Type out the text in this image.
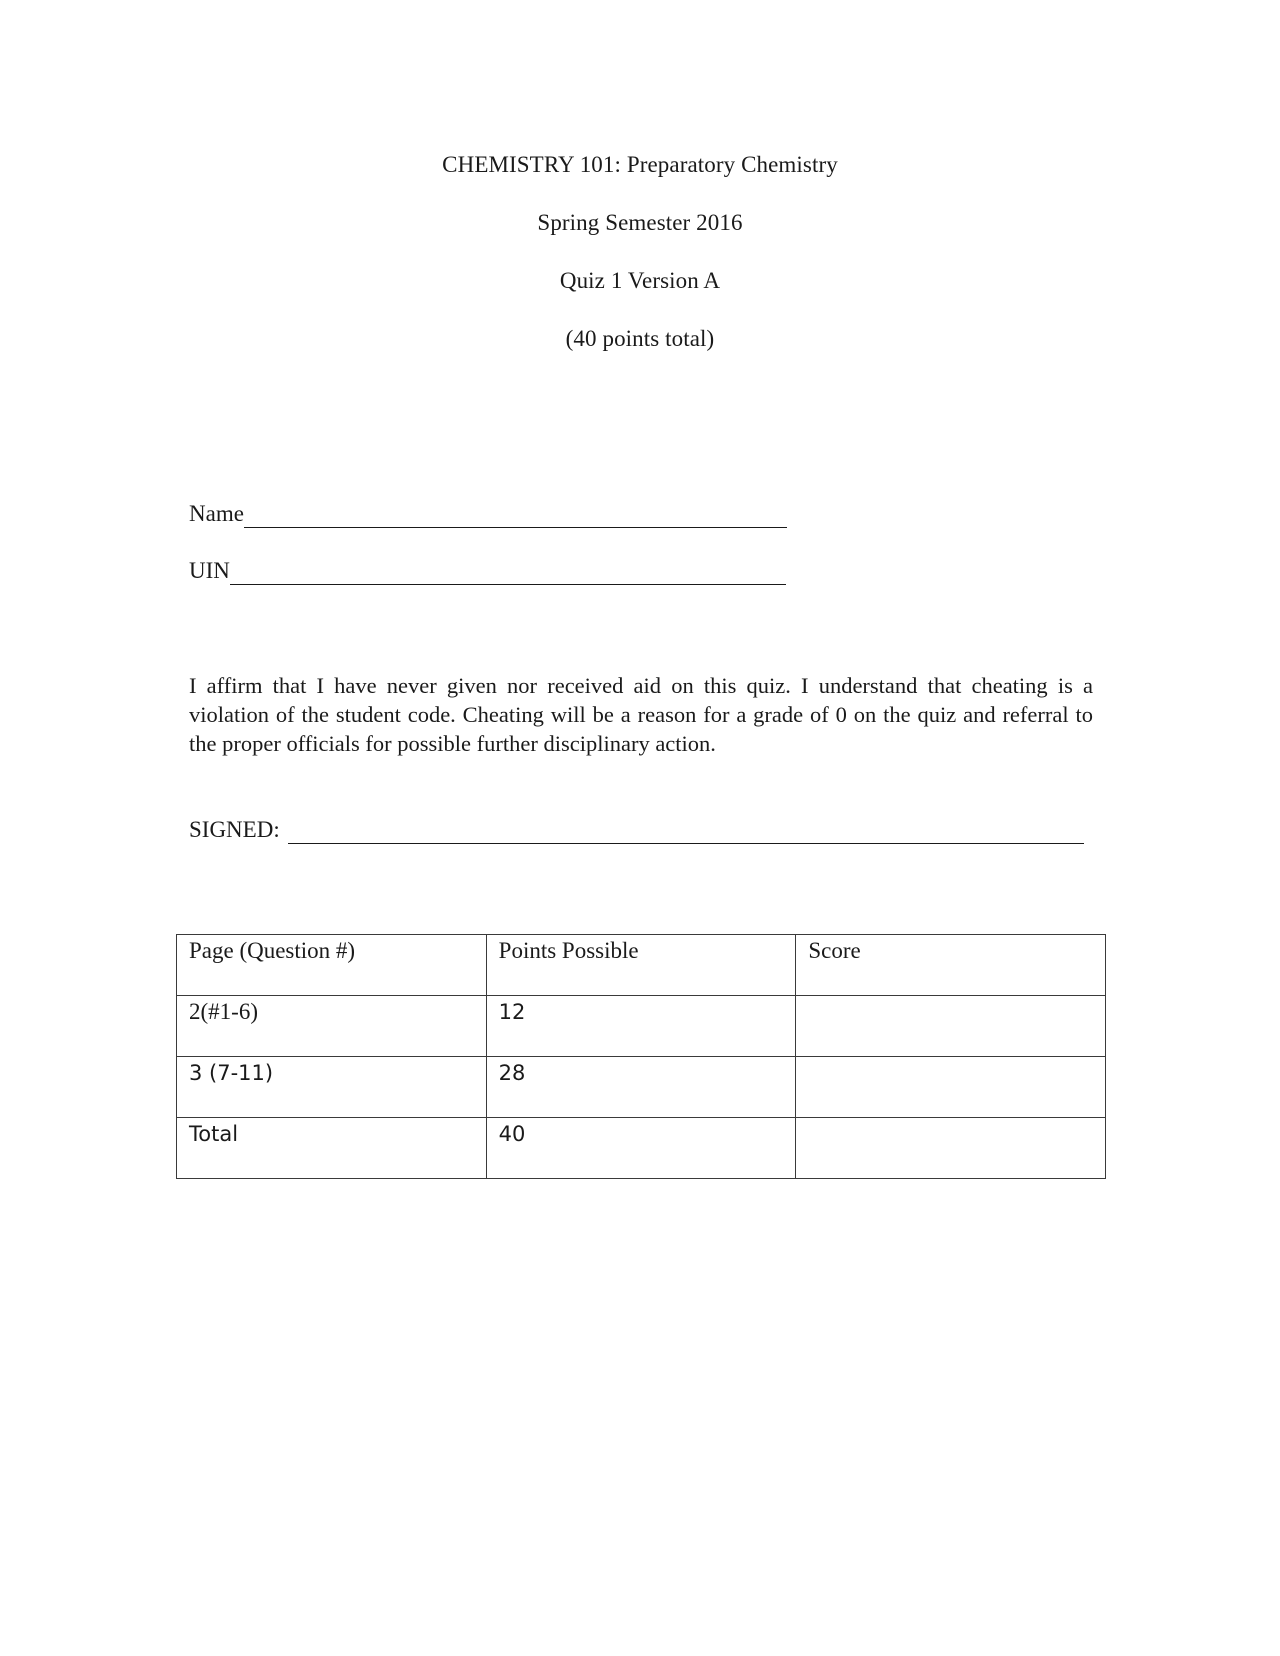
CHEMISTRY 101: Preparatory Chemistry
Spring Semester 2016
Quiz 1 Version A
(40 points total)
Name
UIN
I affirm that I have never given nor received aid on this quiz. I understand that cheating is a violation of the student code. Cheating will be a reason for a grade of 0 on the quiz and referral to the proper officials for possible further disciplinary action.
SIGNED:
Page (Question #)	Points Possible	Score
2(#1-6)	12	
3 (7-11)	28	
Total	40	
